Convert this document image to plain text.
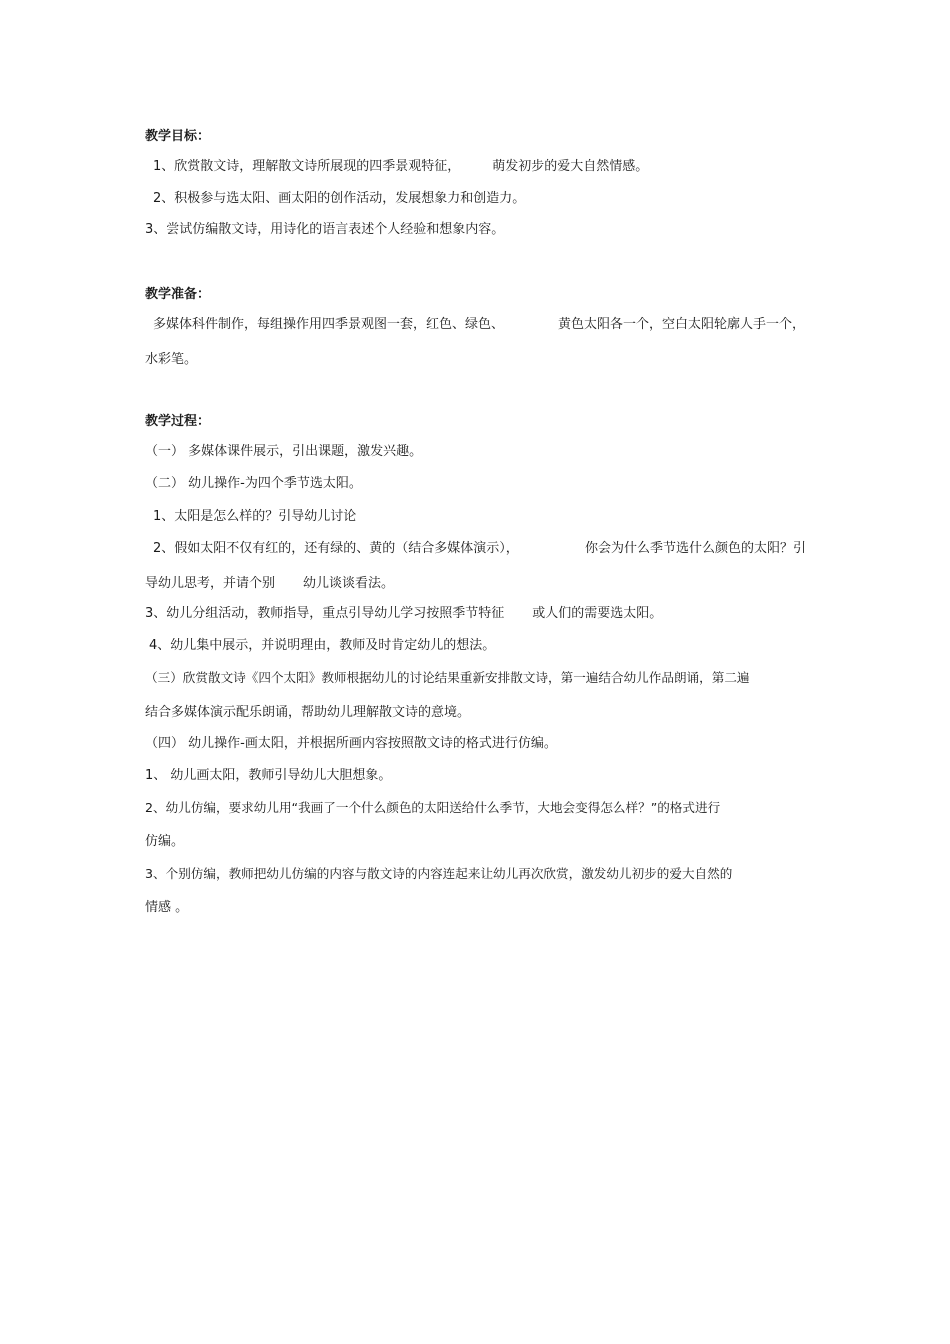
教学目标：
1、欣赏散文诗，理解散文诗所展现的四季景观特征， 萌发初步的爱大自然情感。
2、积极参与选太阳、画太阳的创作活动，发展想象力和创造力。
3、尝试仿编散文诗，用诗化的语言表述个人经验和想象内容。
教学准备：
多媒体科件制作，每组操作用四季景观图一套，红色、绿色、	黄色太阳各一个，空白太阳轮廓人手一个，
水彩笔。
教学过程：
（一） 多媒体课件展示，引出课题，激发兴趣。
（二） 幼儿操作-为四个季节选太阳。
1、太阳是怎么样的？引导幼儿讨论
2、假如太阳不仅有红的，还有绿的、黄的（结合多媒体演示），	你会为什么季节选什么颜色的太阳？引
导幼儿思考，并请个别 幼儿谈谈看法。
3、幼儿分组活动，教师指导，重点引导幼儿学习按照季节特征 或人们的需要选太阳。
4、幼儿集中展示，并说明理由，教师及时肯定幼儿的想法。
（三）欣赏散文诗《四个太阳》教师根据幼儿的讨论结果重新安排散文诗，第一遍结合幼儿作品朗诵，第二遍
结合多媒体演示配乐朗诵，帮助幼儿理解散文诗的意境。
（四） 幼儿操作-画太阳，并根据所画内容按照散文诗的格式进行仿编。
1、 幼儿画太阳，教师引导幼儿大胆想象。
2、幼儿仿编，要求幼儿用“我画了一个什么颜色的太阳送给什么季节，大地会变得怎么样？”的格式进行
仿编。
3、个别仿编，教师把幼儿仿编的内容与散文诗的内容连起来让幼儿再次欣赏，激发幼儿初步的爱大自然的
情感 。
